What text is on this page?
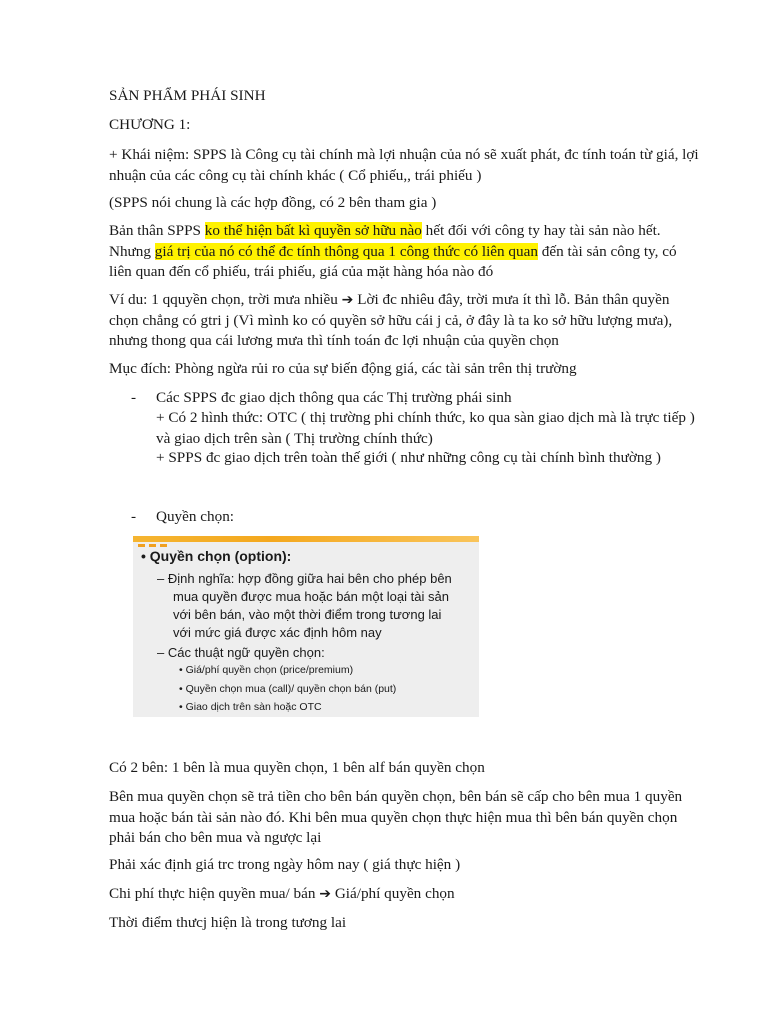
SẢN PHẨM PHÁI SINH
CHƯƠNG 1:
+ Khái niệm: SPPS là Công cụ tài chính mà lợi nhuận của nó sẽ xuất phát, đc tính toán từ giá, lợi nhuận của các công cụ tài chính khác ( Cổ phiếu,, trái phiếu )
(SPPS nói chung là các hợp đồng, có 2 bên tham gia )
Bản thân SPPS ko thể hiện bất kì quyền sở hữu nào hết đối với công ty hay tài sản nào hết. Nhưng giá trị của nó có thể đc tính thông qua 1 công thức có liên quan đến tài sản công ty, có liên quan đến cổ phiếu, trái phiếu, giá của mặt hàng hóa nào đó
Ví du: 1 qquyền chọn, trời mưa nhiều ➔ Lời đc nhiêu đây, trời mưa ít thì lỗ. Bản thân quyền chọn chẳng có gtri j (Vì mình ko có quyền sở hữu cái j cả, ở đây là ta ko sở hữu lượng mưa), nhưng thong qua cái lương mưa thì tính toán đc lợi nhuận của quyền chọn
Mục đích: Phòng ngừa rủi ro của sự biến động giá, các tài sản trên thị trường
- Các SPPS đc giao dịch thông qua các Thị trường phái sinh
+ Có 2 hình thức: OTC ( thị trường phi chính thức, ko qua sàn giao dịch mà là trực tiếp ) và giao dịch trên sàn ( Thị trường chính thức)
+ SPPS đc giao dịch trên toàn thế giới ( như những công cụ tài chính bình thường )
- Quyền chọn:
• Quyền chọn (option):
– Định nghĩa: hợp đồng giữa hai bên cho phép bên
mua quyền được mua hoặc bán một loại tài sản
với bên bán, vào một thời điểm trong tương lai
với mức giá được xác định hôm nay
– Các thuật ngữ quyền chọn:
• Giá/phí quyền chọn (price/premium)
• Quyền chọn mua (call)/ quyền chọn bán (put)
• Giao dịch trên sàn hoặc OTC
Có 2 bên: 1 bên là mua quyền chọn, 1 bên alf bán quyền chọn
Bên mua quyền chọn sẽ trả tiền cho bên bán quyền chọn, bên bán sẽ cấp cho bên mua 1 quyền mua hoặc bán tài sản nào đó. Khi bên mua quyền chọn thực hiện mua thì bên bán quyền chọn phải bán cho bên mua và ngược lại
Phải xác định giá trc trong ngày hôm nay ( giá thực hiện )
Chi phí thực hiện quyền mua/ bán ➔ Giá/phí quyền chọn
Thời điểm thưcj hiện là trong tương lai
